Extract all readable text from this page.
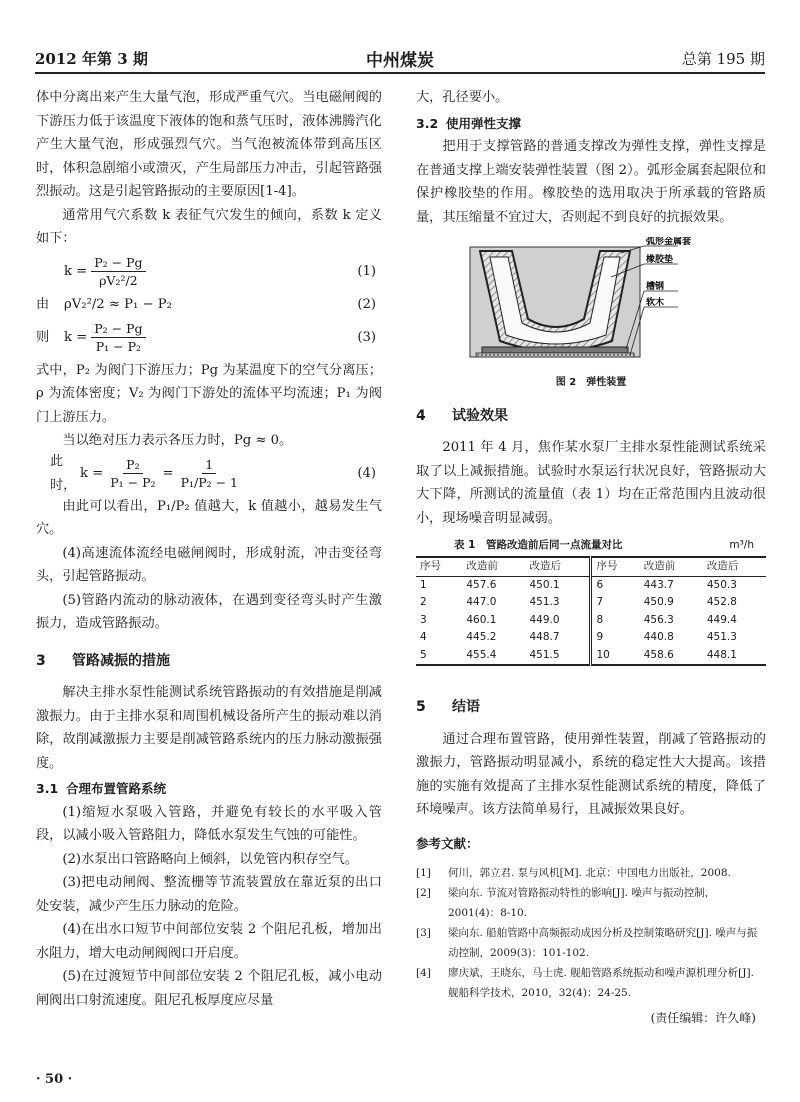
2012 年第 3 期	中州煤炭	总第 195 期

体中分离出来产生大量气泡，形成严重气穴。当电磁闸阀的下游压力低于该温度下液体的饱和蒸气压时，液体沸腾汽化产生大量气泡，形成强烈气穴。当气泡被流体带到高压区时，体积急剧缩小或溃灭，产生局部压力冲击，引起管路强烈振动。这是引起管路振动的主要原因[1-4]。

通常用气穴系数 k 表征气穴发生的倾向，系数 k 定义如下：

$k = \frac{\text{P₂ − Pg}}{\text{ρV₂²/2}}$	(1)
由	ρV₂²/2 ≈ P₁ − P₂	(2)
则	$k = \frac{\text{P₂ − Pg}}{\text{P₁ − P₂}}$	(3)

式中，P₂ 为阀门下游压力；Pg 为某温度下的空气分离压；ρ 为流体密度；V₂ 为阀门下游处的流体平均流速；P₁ 为阀门上游压力。

当以绝对压力表示各压力时，Pg ≈ 0。

此时，
$k = \frac{\text{P₂}}{\text{P₁ − P₂}} = \frac{1}{\text{P₁/P₂ − 1}}$	(4)

由此可以看出，P₁/P₂ 值越大，k 值越小，越易发生气穴。

(4)高速流体流经电磁闸阀时，形成射流，冲击变径弯头，引起管路振动。

(5)管路内流动的脉动液体，在遇到变径弯头时产生激振力，造成管路振动。

3 管路减振的措施

解决主排水泵性能测试系统管路振动的有效措施是削减激振力。由于主排水泵和周围机械设备所产生的振动难以消除，故削减激振力主要是削减管路系统内的压力脉动激振强度。

3.1 合理布置管路系统

(1)缩短水泵吸入管路，并避免有较长的水平吸入管段，以减小吸入管路阻力，降低水泵发生气蚀的可能性。

(2)水泵出口管路略向上倾斜，以免管内积存空气。

(3)把电动闸阀、整流栅等节流装置放在靠近泵的出口处安装，减少产生压力脉动的危险。

(4)在出水口短节中间部位安装 2 个阻尼孔板，增加出水阻力，增大电动闸阀阀口开启度。

(5)在过渡短节中间部位安装 2 个阻尼孔板，减小电动闸阀出口射流速度。阻尼孔板厚度应尽量

大，孔径要小。

3.2 使用弹性支撑

把用于支撑管路的普通支撑改为弹性支撑，弹性支撑是在普通支撑上端安装弹性装置（图 2）。弧形金属套起限位和保护橡胶垫的作用。橡胶垫的选用取决于所承载的管路质量，其压缩量不宜过大，否则起不到良好的抗振效果。

弧形金属套
橡胶垫
槽钢
软木
图 2　弹性装置
4 试验效果

2011 年 4 月，焦作某水泵厂主排水泵性能测试系统采取了以上减振措施。试验时水泵运行状况良好，管路振动大大下降，所测试的流量值（表 1）均在正常范围内且波动很小，现场噪音明显减弱。

表 1　管路改造前后同一点流量对比	m³/h
序号	改造前	改造后	序号	改造前	改造后
1	457.6	450.1	6	443.7	450.3
2	447.0	451.3	7	450.9	452.8
3	460.1	449.0	8	456.3	449.4
4	445.2	448.7	9	440.8	451.3
5	455.4	451.5	10	458.6	448.1
5 结语

通过合理布置管路，使用弹性装置，削减了管路振动的激振力，管路振动明显减小，系统的稳定性大大提高。该措施的实施有效提高了主排水泵性能测试系统的精度，降低了环境噪声。该方法简单易行，且减振效果良好。

参考文献：
[1]	何川，郭立君. 泵与风机[M]. 北京：中国电力出版社，2008.
[2]	梁向东. 节流对管路振动特性的影响[J]. 噪声与振动控制，2001(4)：8-10.
[3]	梁向东. 船舶管路中高频振动成因分析及控制策略研究[J]. 噪声与振动控制，2009(3)：101-102.
[4]	廖庆斌，王晓东，马士虎. 舰船管路系统振动和噪声源机理分析[J]. 舰船科学技术，2010，32(4)：24-25.
(责任编辑：许久峰)
· 50 ·
